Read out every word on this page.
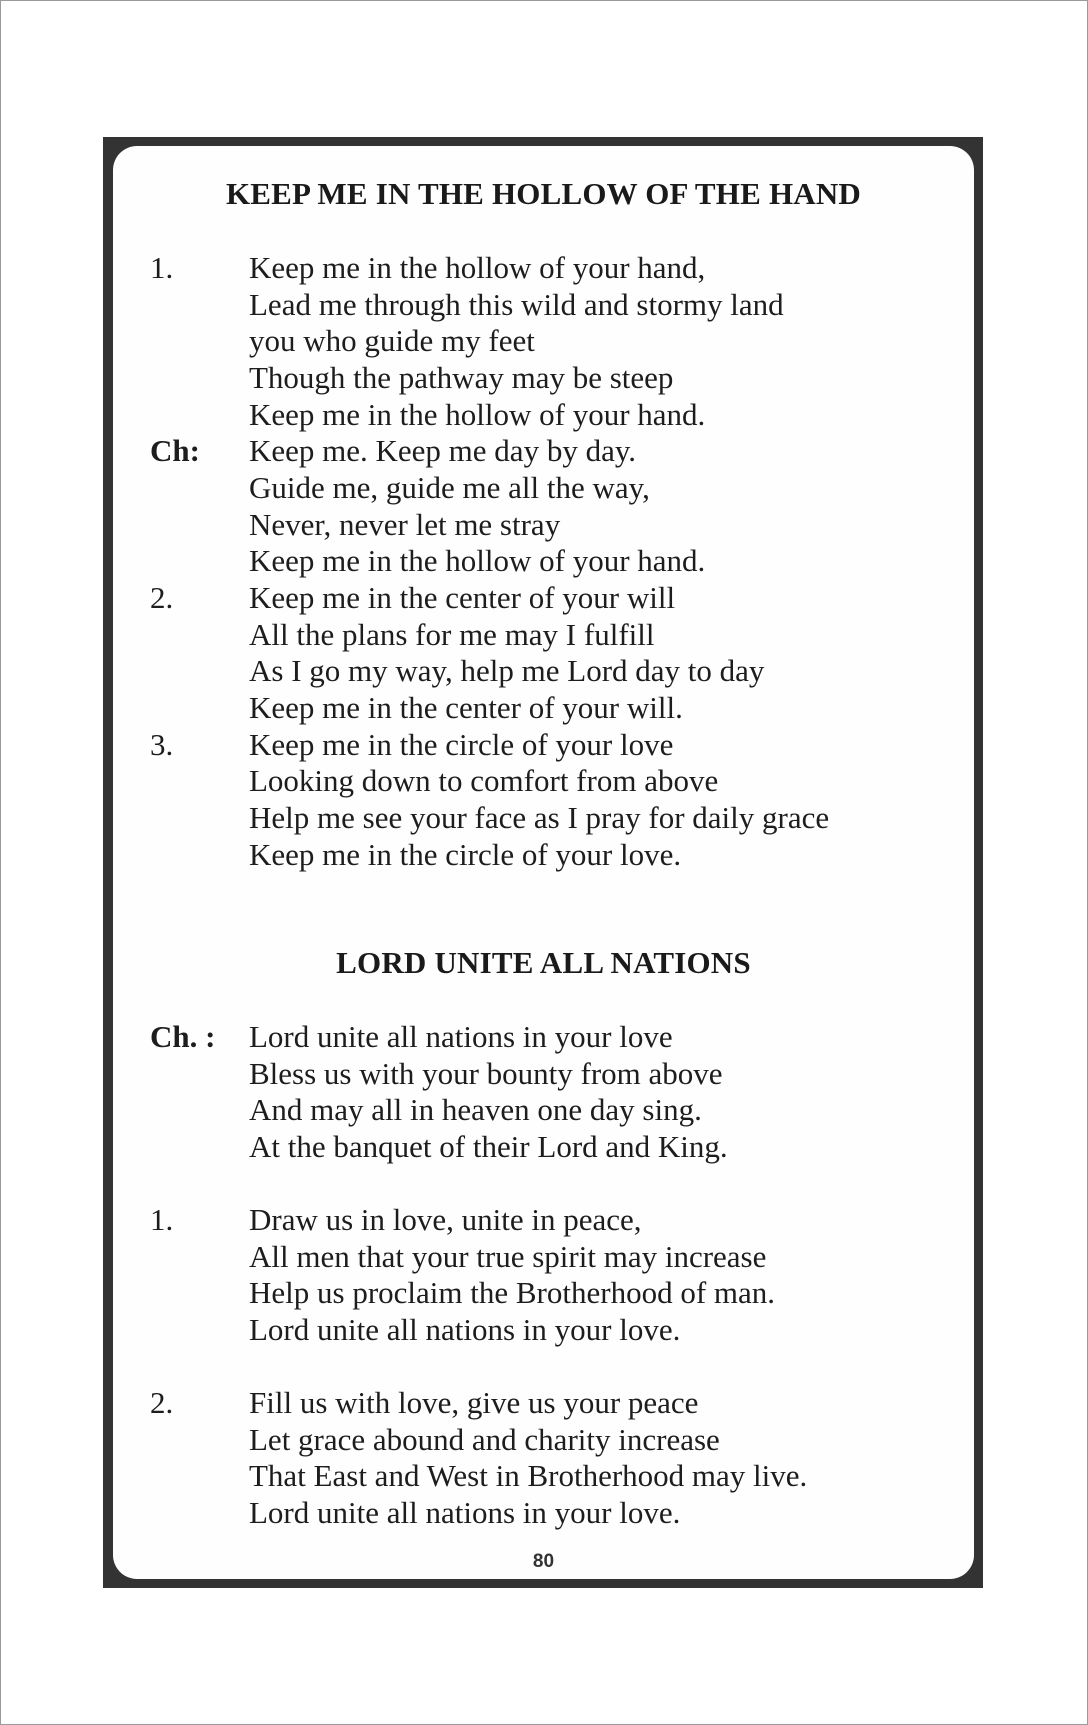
KEEP ME IN THE HOLLOW OF THE HAND
1. Keep me in the hollow of your hand,
Lead me through this wild and stormy land
you who guide my feet
Though the pathway may be steep
Keep me in the hollow of your hand.
Ch: Keep me. Keep me day by day.
Guide me, guide me all the way,
Never, never let me stray
Keep me in the hollow of your hand.
2. Keep me in the center of your will
All the plans for me may I fulfill
As I go my way, help me Lord day to day
Keep me in the center of your will.
3. Keep me in the circle of your love
Looking down to comfort from above
Help me see your face as I pray for daily grace
Keep me in the circle of your love.
LORD UNITE ALL NATIONS
Ch. : Lord unite all nations in your love
Bless us with your bounty from above
And may all in heaven one day sing.
At the banquet of their Lord and King.
1. Draw us in love, unite in peace,
All men that your true spirit may increase
Help us proclaim the Brotherhood of man.
Lord unite all nations in your love.
2. Fill us with love, give us your peace
Let grace abound and charity increase
That East and West in Brotherhood may live.
Lord unite all nations in your love.
80
